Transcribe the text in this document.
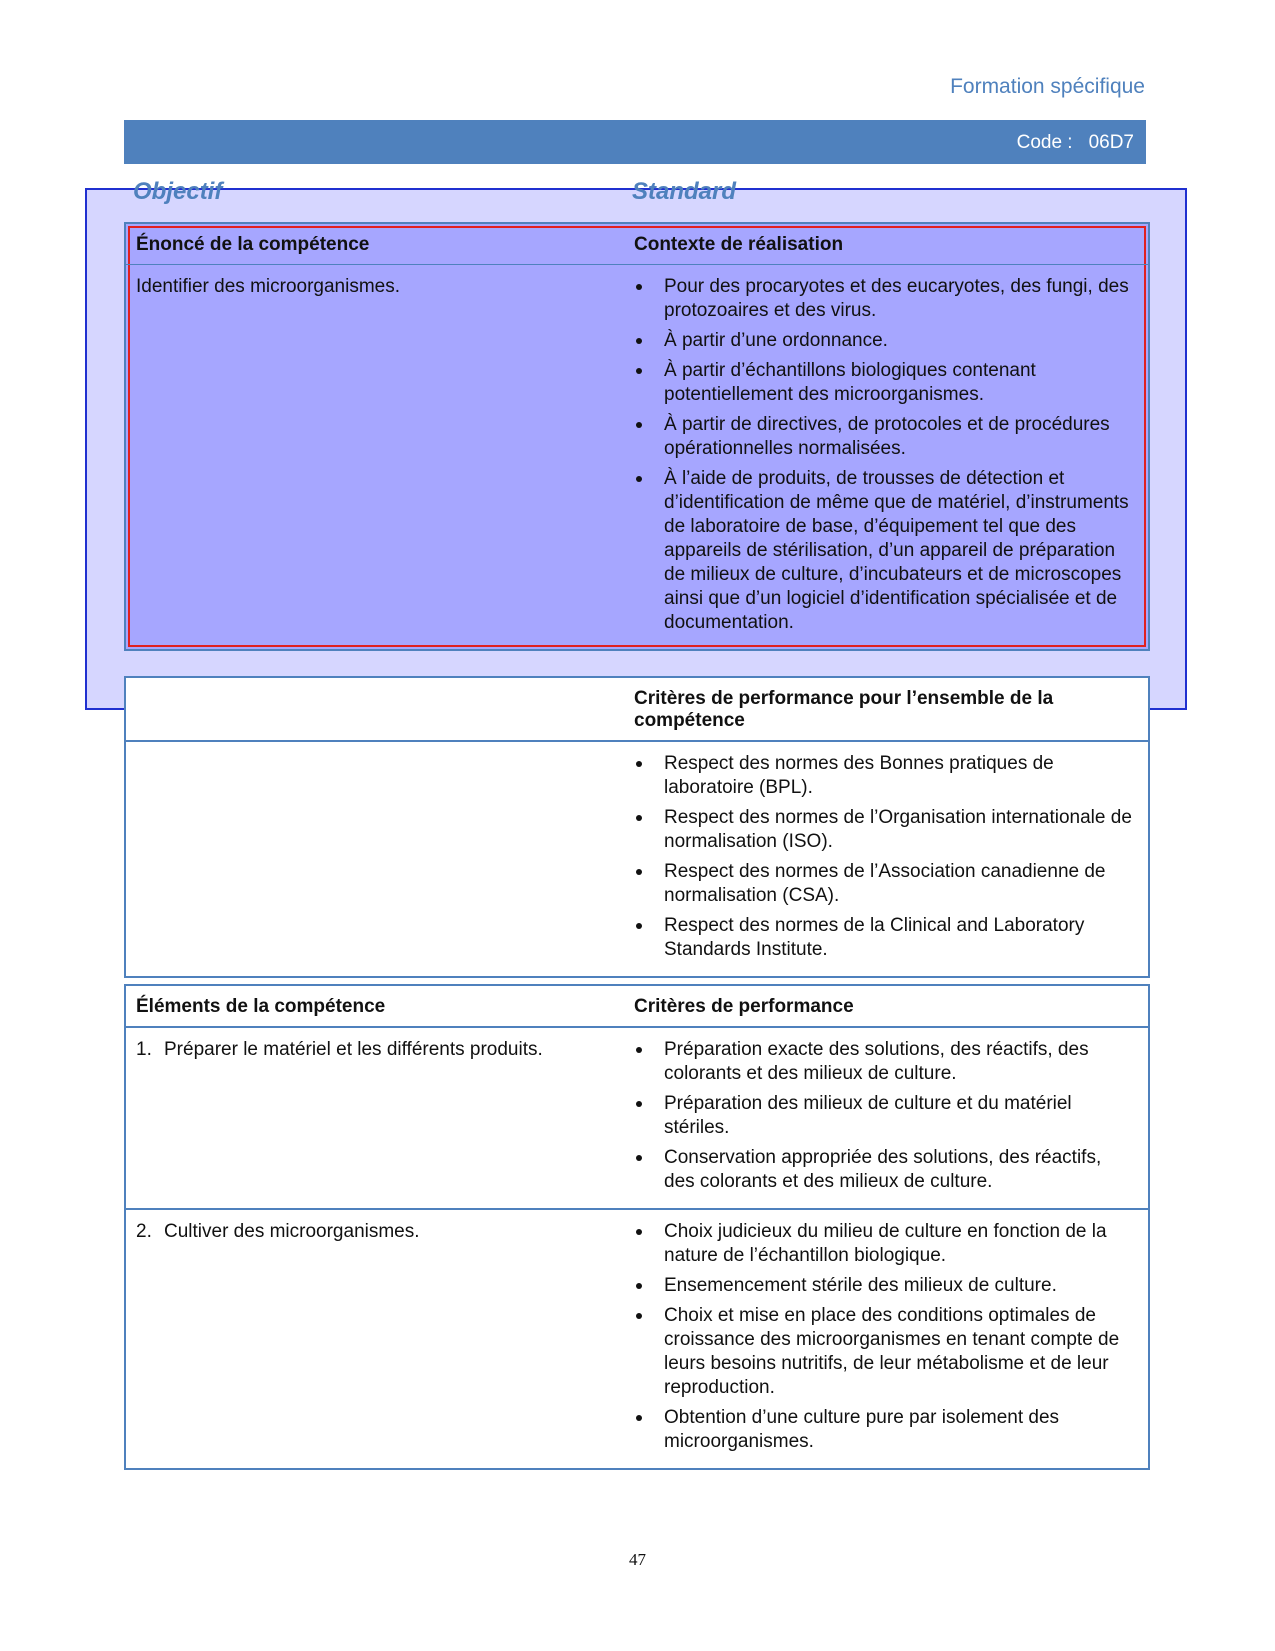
Formation spécifique
Code : 06D7
Objectif	Standard
Énoncé de la compétence	Contexte de réalisation
Identifier des microorganismes.	Pour des procaryotes et des eucaryotes, des fungi, des protozoaires et des virus.
À partir d’une ordonnance.
À partir d’échantillons biologiques contenant potentiellement des microorganismes.
À partir de directives, de protocoles et de procédures opérationnelles normalisées.
À l’aide de produits, de trousses de détection et d’identification de même que de matériel, d’instruments de laboratoire de base, d’équipement tel que des appareils de stérilisation, d’un appareil de préparation de milieux de culture, d’incubateurs et de microscopes ainsi que d’un logiciel d’identification spécialisée et de documentation.
Critères de performance pour l’ensemble de la compétence
Respect des normes des Bonnes pratiques de laboratoire (BPL).
Respect des normes de l’Organisation internationale de normalisation (ISO).
Respect des normes de l’Association canadienne de normalisation (CSA).
Respect des normes de la Clinical and Laboratory Standards Institute.
Éléments de la compétence	Critères de performance
1. Préparer le matériel et les différents produits.	Préparation exacte des solutions, des réactifs, des colorants et des milieux de culture.
Préparation des milieux de culture et du matériel stériles.
Conservation appropriée des solutions, des réactifs, des colorants et des milieux de culture.
2. Cultiver des microorganismes.	Choix judicieux du milieu de culture en fonction de la nature de l’échantillon biologique.
Ensemencement stérile des milieux de culture.
Choix et mise en place des conditions optimales de croissance des microorganismes en tenant compte de leurs besoins nutritifs, de leur métabolisme et de leur reproduction.
Obtention d’une culture pure par isolement des microorganismes.
47
